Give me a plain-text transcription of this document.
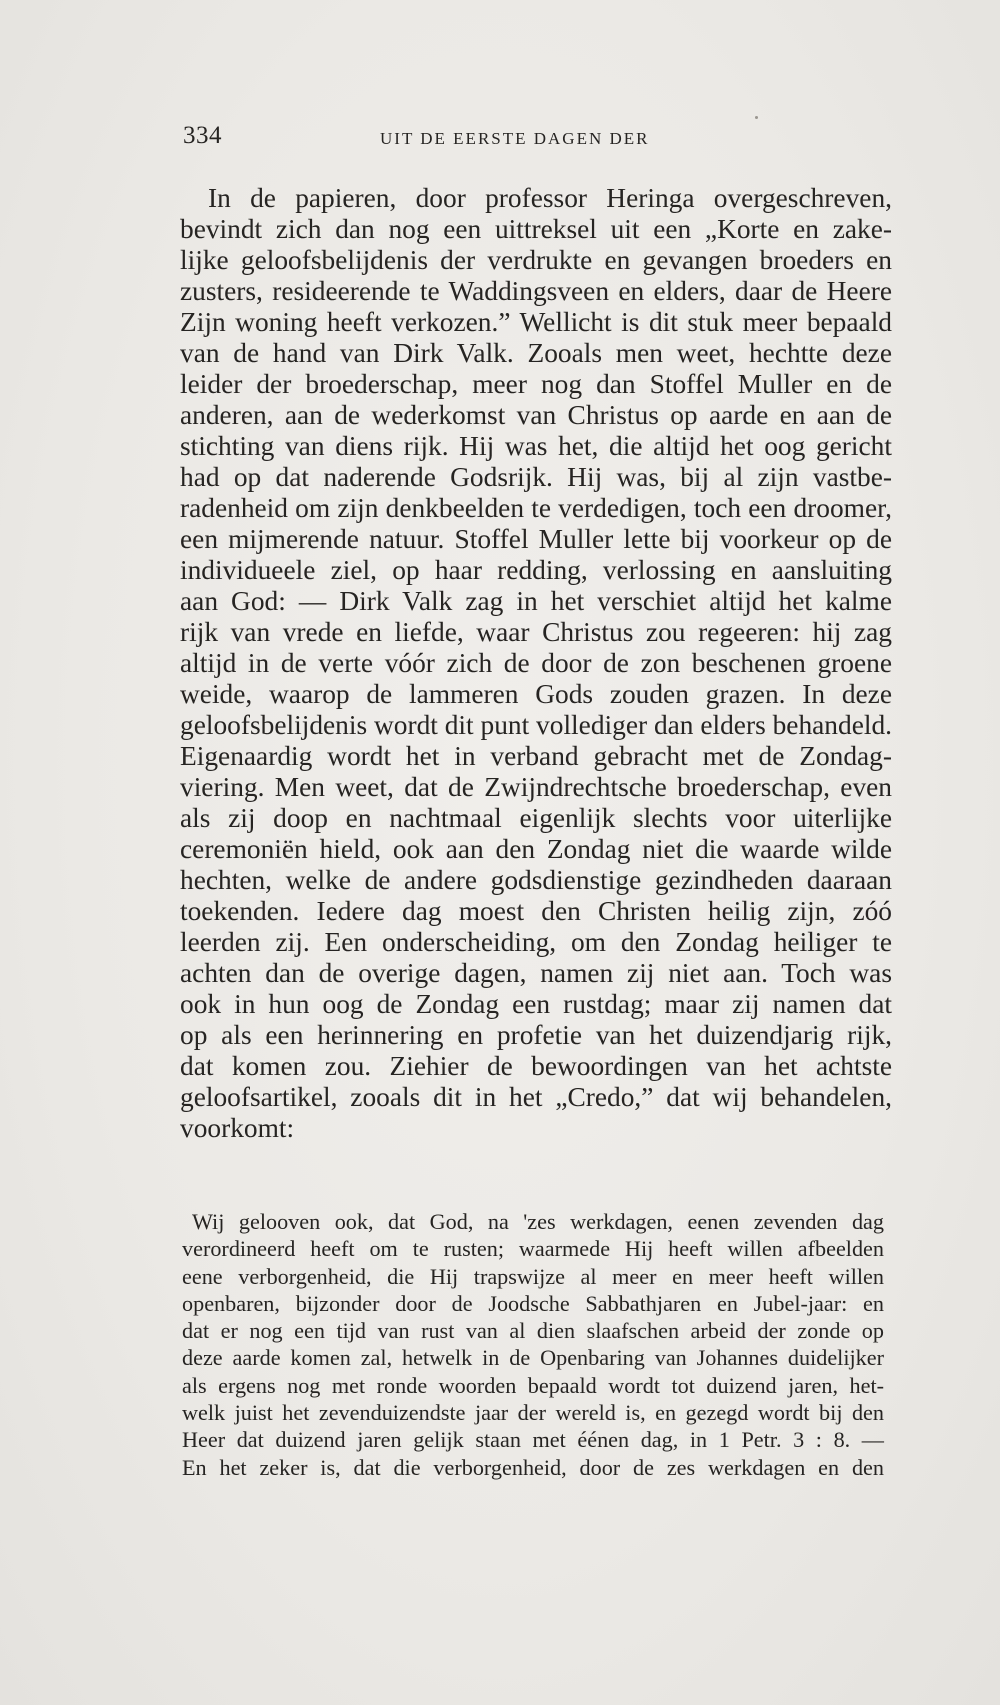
334	UIT DE EERSTE DAGEN DER
In de papieren, door professor Heringa overgeschreven,
bevindt zich dan nog een uittreksel uit een „Korte en zake-
lijke geloofsbelijdenis der verdrukte en gevangen broeders en
zusters, resideerende te Waddingsveen en elders, daar de Heere
Zijn woning heeft verkozen.” Wellicht is dit stuk meer bepaald
van de hand van Dirk Valk. Zooals men weet, hechtte deze
leider der broederschap, meer nog dan Stoffel Muller en de
anderen, aan de wederkomst van Christus op aarde en aan de
stichting van diens rijk. Hij was het, die altijd het oog gericht
had op dat naderende Godsrijk. Hij was, bij al zijn vastbe-
radenheid om zijn denkbeelden te verdedigen, toch een droomer,
een mijmerende natuur. Stoffel Muller lette bij voorkeur op de
individueele ziel, op haar redding, verlossing en aansluiting
aan God: — Dirk Valk zag in het verschiet altijd het kalme
rijk van vrede en liefde, waar Christus zou regeeren: hij zag
altijd in de verte vóór zich de door de zon beschenen groene
weide, waarop de lammeren Gods zouden grazen. In deze
geloofsbelijdenis wordt dit punt vollediger dan elders behandeld.
Eigenaardig wordt het in verband gebracht met de Zondag-
viering. Men weet, dat de Zwijndrechtsche broederschap, even
als zij doop en nachtmaal eigenlijk slechts voor uiterlijke
ceremoniën hield, ook aan den Zondag niet die waarde wilde
hechten, welke de andere godsdienstige gezindheden daaraan
toekenden. Iedere dag moest den Christen heilig zijn, zóó
leerden zij. Een onderscheiding, om den Zondag heiliger te
achten dan de overige dagen, namen zij niet aan. Toch was
ook in hun oog de Zondag een rustdag; maar zij namen dat
op als een herinnering en profetie van het duizendjarig rijk,
dat komen zou. Ziehier de bewoordingen van het achtste
geloofsartikel, zooals dit in het „Credo,” dat wij behandelen,
voorkomt:
Wij gelooven ook, dat God, na 'zes werkdagen, eenen zevenden dag
verordineerd heeft om te rusten; waarmede Hij heeft willen afbeelden
eene verborgenheid, die Hij trapswijze al meer en meer heeft willen
openbaren, bijzonder door de Joodsche Sabbathjaren en Jubel-jaar: en
dat er nog een tijd van rust van al dien slaafschen arbeid der zonde op
deze aarde komen zal, hetwelk in de Openbaring van Johannes duidelijker
als ergens nog met ronde woorden bepaald wordt tot duizend jaren, het-
welk juist het zevenduizendste jaar der wereld is, en gezegd wordt bij den
Heer dat duizend jaren gelijk staan met éénen dag, in 1 Petr. 3 : 8. —
En het zeker is, dat die verborgenheid, door de zes werkdagen en den
